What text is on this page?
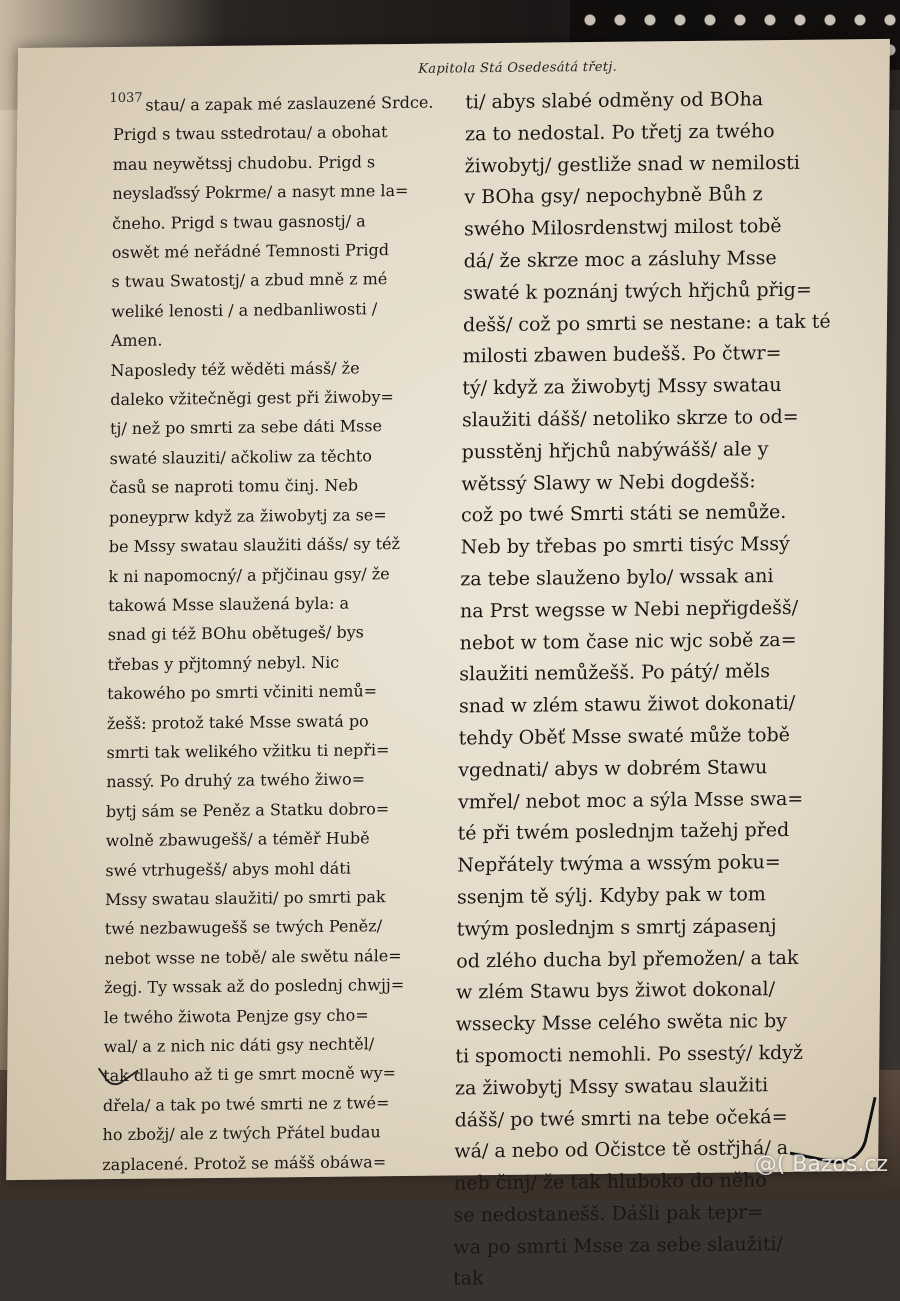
Kapitola Stá Osedesátá třetj.
1037 stau/ a zapak mé zaslauzené Srdce.
Prigd s twau sstedrotau/ a obohat
mau neywětssj chudobu. Prigd s
neyslaďssý Pokrme/ a nasyt mne la=
čneho. Prigd s twau gasnostj/ a
oswět mé neřádné Temnosti Prigd
s twau Swatostj/ a zbud mně z mé
weliké lenosti / a nedbanliwosti /
Amen.
Naposledy též wěděti másš/ že
daleko vžitečněgi gest při žiwoby=
tj/ než po smrti za sebe dáti Msse
swaté slauziti/ ačkoliw za těchto
časů se naproti tomu činj. Neb
poneyprw když za žiwobytj za se=
be Mssy swatau slaužiti dášs/ sy též
k ni napomocný/ a přjčinau gsy/ že
takowá Msse slaužená byla: a
snad gi též BOhu obětugeš/ bys
třebas y přjtomný nebyl. Nic
takowého po smrti včiniti nemů=
žešš: protož také Msse swatá po
smrti tak welikého vžitku ti nepři=
nassý. Po druhý za twého žiwo=
bytj sám se Peněz a Statku dobro=
wolně zbawugešš/ a téměř Hubě
swé vtrhugešš/ abys mohl dáti
Mssy swatau slaužiti/ po smrti pak
twé nezbawugešš se twých Peněz/
nebot wsse ne tobě/ ale swětu nále=
žegj. Ty wssak až do poslednj chwjj=
le twého žiwota Penjze gsy cho=
wal/ a z nich nic dáti gsy nechtěl/
tak dlauho až ti ge smrt mocně wy=
dřela/ a tak po twé smrti ne z twé=
ho zbožj/ ale z twých Přátel budau
zaplacené. Protož se mášš obáwa=
ti/ abys slabé odměny od BOha
za to nedostal. Po třetj za twého
žiwobytj/ gestliže snad w nemilosti
v BOha gsy/ nepochybně Bůh z
swého Milosrdenstwj milost tobě
dá/ že skrze moc a zásluhy Msse
swaté k poznánj twých hřjchů přig=
dešš/ což po smrti se nestane: a tak té
milosti zbawen budešš. Po čtwr=
tý/ když za žiwobytj Mssy swatau
slaužiti dášš/ netoliko skrze to od=
pusstěnj hřjchů nabýwášš/ ale y
wětssý Slawy w Nebi dogdešš:
což po twé Smrti státi se nemůže.
Neb by třebas po smrti tisýc Mssý
za tebe slauženo bylo/ wssak ani
na Prst wegsse w Nebi nepřigdešš/
nebot w tom čase nic wjc sobě za=
slaužiti nemůžešš. Po pátý/ měls
snad w zlém stawu žiwot dokonati/
tehdy Oběť Msse swaté může tobě
vgednati/ abys w dobrém Stawu
vmřel/ nebot moc a sýla Msse swa=
té při twém poslednjm tažehj před
Nepřátely twýma a wssým poku=
ssenjm tě sýlj. Kdyby pak w tom
twým poslednjm s smrtj zápasenj
od zlého ducha byl přemožen/ a tak
w zlém Stawu bys žiwot dokonal/
wssecky Msse celého swěta nic by
ti spomocti nemohli. Po ssestý/ když
za žiwobytj Mssy swatau slaužiti
dášš/ po twé smrti na tebe očeká=
wá/ a nebo od Očistce tě ostřjhá/ a
neb činj/ že tak hluboko do něho
se nedostanešš. Dášli pak tepr=
wa po smrti Msse za sebe slaužiti/
tak
@( Bazos.cz
